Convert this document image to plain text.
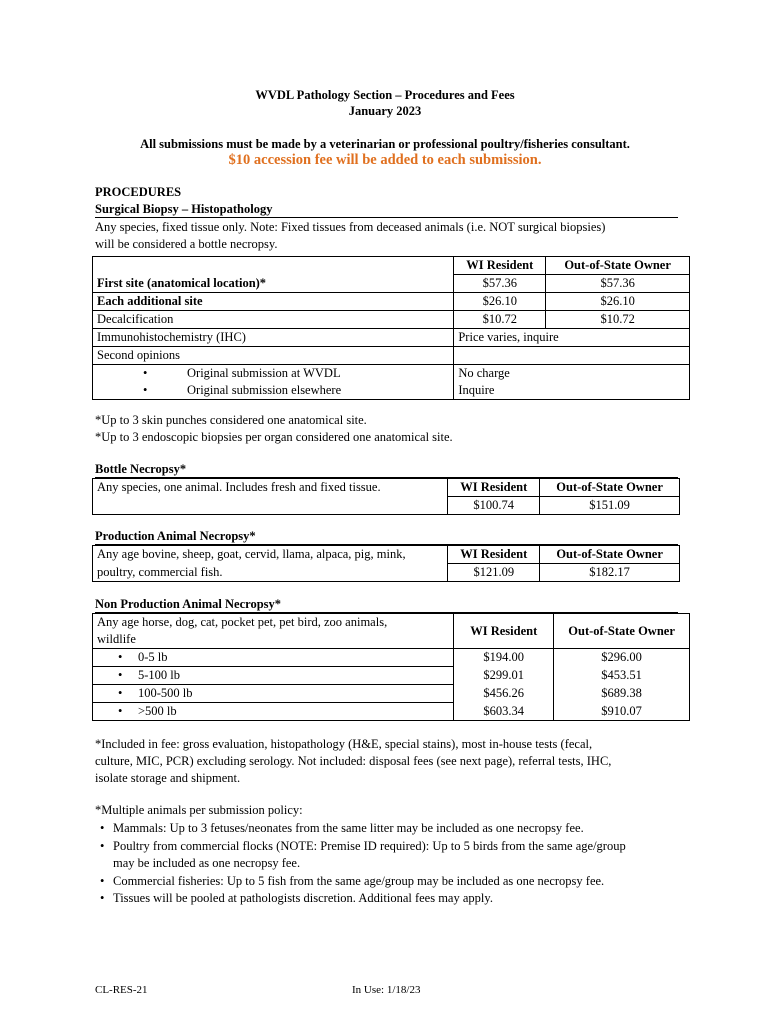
WVDL Pathology Section – Procedures and Fees
January 2023
All submissions must be made by a veterinarian or professional poultry/fisheries consultant.
$10 accession fee will be added to each submission.
PROCEDURES
Surgical Biopsy – Histopathology
Any species, fixed tissue only. Note: Fixed tissues from deceased animals (i.e. NOT surgical biopsies)
will be considered a bottle necropsy.
	WI Resident	Out-of-State Owner
First site (anatomical location)*	$57.36	$57.36
Each additional site	$26.10	$26.10
Decalcification	$10.72	$10.72
Immunohistochemistry (IHC)	Price varies, inquire	
Second opinions		
• Original submission at WVDL	No charge	
• Original submission elsewhere	Inquire	
*Up to 3 skin punches considered one anatomical site.
*Up to 3 endoscopic biopsies per organ considered one anatomical site.
Bottle Necropsy*
Any species, one animal. Includes fresh and fixed tissue.	WI Resident	Out-of-State Owner
	$100.74	$151.09
Production Animal Necropsy*
Any age bovine, sheep, goat, cervid, llama, alpaca, pig, mink,	WI Resident	Out-of-State Owner
poultry, commercial fish.	$121.09	$182.17
Non Production Animal Necropsy*
Any age horse, dog, cat, pocket pet, pet bird, zoo animals,
wildlife	WI Resident	Out-of-State Owner
• 0-5 lb	$194.00	$296.00
• 5-100 lb	$299.01	$453.51
• 100-500 lb	$456.26	$689.38
• >500 lb	$603.34	$910.07
*Included in fee: gross evaluation, histopathology (H&E, special stains), most in-house tests (fecal,
culture, MIC, PCR) excluding serology. Not included: disposal fees (see next page), referral tests, IHC,
isolate storage and shipment.
*Multiple animals per submission policy:
• Mammals: Up to 3 fetuses/neonates from the same litter may be included as one necropsy fee.
• Poultry from commercial flocks (NOTE: Premise ID required): Up to 5 birds from the same age/group may be included as one necropsy fee.
• Commercial fisheries: Up to 5 fish from the same age/group may be included as one necropsy fee.
• Tissues will be pooled at pathologists discretion. Additional fees may apply.
CL-RES-21	In Use: 1/18/23
